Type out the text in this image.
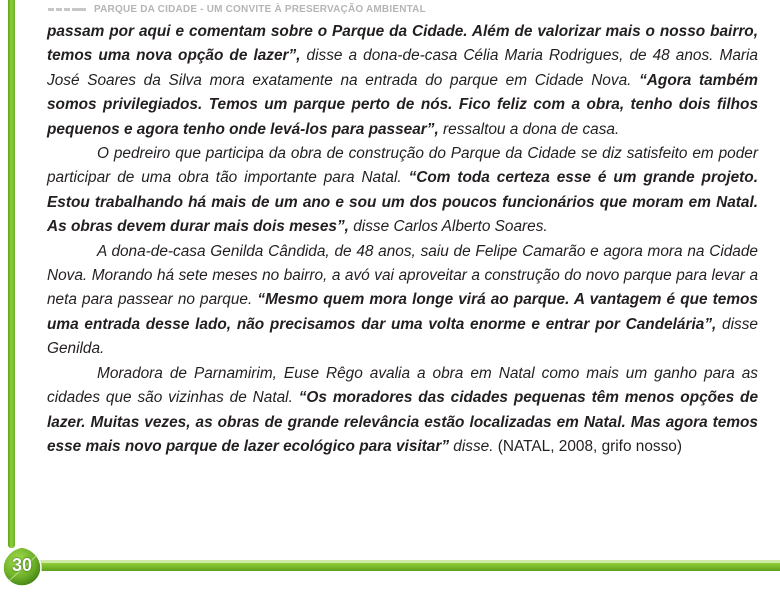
PARQUE DA CIDADE - UM CONVITE À PRESERVAÇÃO AMBIENTAL

passam por aqui e comentam sobre o Parque da Cidade. Além de valorizar mais o nosso bairro, temos uma nova opção de lazer”, disse a dona-de-casa Célia Maria Rodrigues, de 48 anos. Maria José Soares da Silva mora exatamente na entrada do parque em Cidade Nova. “Agora também somos privilegiados. Temos um parque perto de nós. Fico feliz com a obra, tenho dois filhos pequenos e agora tenho onde levá-los para passear”, ressaltou a dona de casa.

O pedreiro que participa da obra de construção do Parque da Cidade se diz satisfeito em poder participar de uma obra tão importante para Natal. “Com toda certeza esse é um grande projeto. Estou trabalhando há mais de um ano e sou um dos poucos funcionários que moram em Natal. As obras devem durar mais dois meses”, disse Carlos Alberto Soares.

A dona-de-casa Genilda Cândida, de 48 anos, saiu de Felipe Camarão e agora mora na Cidade Nova. Morando há sete meses no bairro, a avó vai aproveitar a construção do novo parque para levar a neta para passear no parque. “Mesmo quem mora longe virá ao parque. A vantagem é que temos uma entrada desse lado, não precisamos dar uma volta enorme e entrar por Candelária”, disse Genilda.

Moradora de Parnamirim, Euse Rêgo avalia a obra em Natal como mais um ganho para as cidades que são vizinhas de Natal. “Os moradores das cidades pequenas têm menos opções de lazer. Muitas vezes, as obras de grande relevância estão localizadas em Natal. Mas agora temos esse mais novo parque de lazer ecológico para visitar” disse. (NATAL, 2008, grifo nosso)

30
